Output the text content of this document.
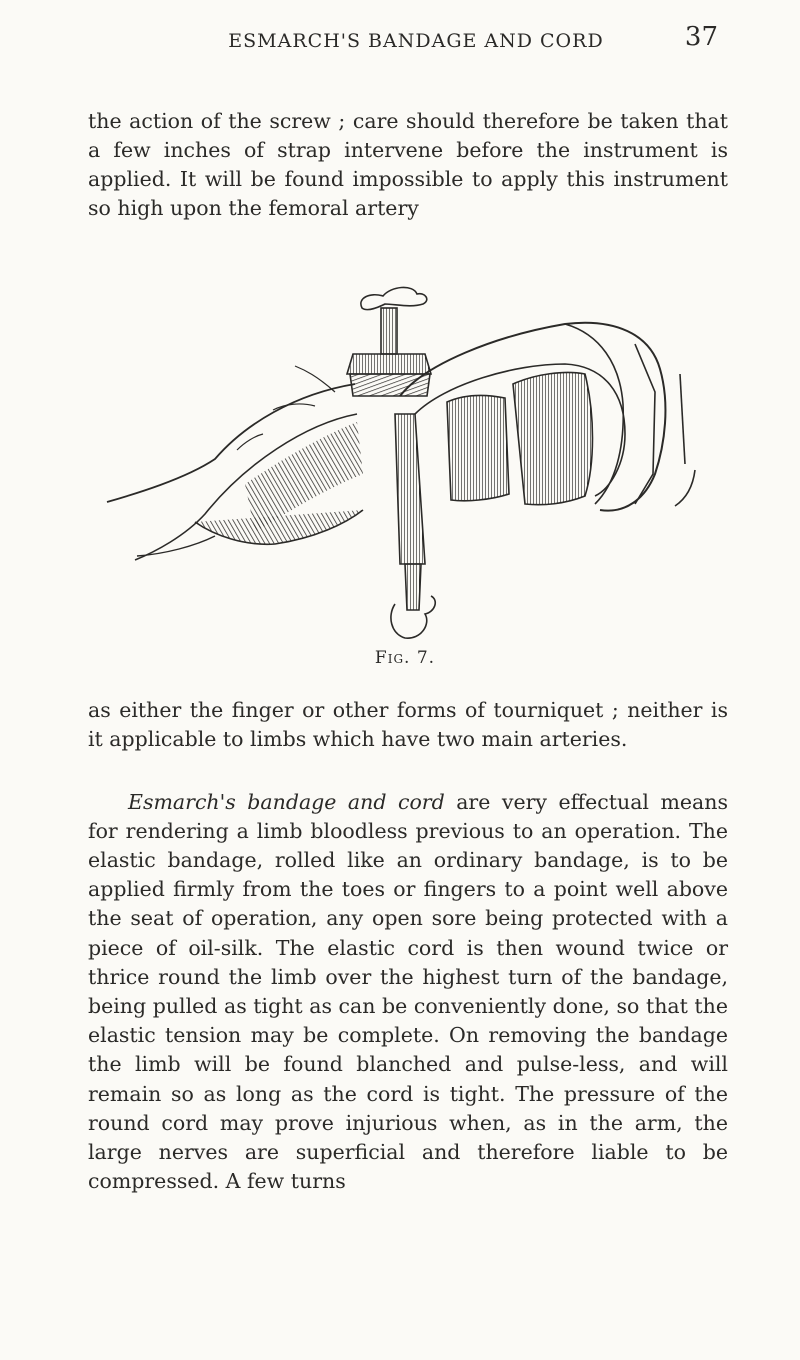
ESMARCH'S BANDAGE AND CORD	37

the action of the screw ; care should therefore be taken that a few inches of strap intervene before the instrument is applied. It will be found impossible to apply this instrument so high upon the femoral artery

Fig. 7.

as either the finger or other forms of tourniquet ; neither is it applicable to limbs which have two main arteries.

Esmarch's bandage and cord are very effectual means for rendering a limb bloodless previous to an operation. The elastic bandage, rolled like an ordinary bandage, is to be applied firmly from the toes or fingers to a point well above the seat of operation, any open sore being protected with a piece of oil-silk. The elastic cord is then wound twice or thrice round the limb over the highest turn of the bandage, being pulled as tight as can be conveniently done, so that the elastic tension may be complete. On removing the bandage the limb will be found blanched and pulse-less, and will remain so as long as the cord is tight. The pressure of the round cord may prove injurious when, as in the arm, the large nerves are superficial and therefore liable to be compressed. A few turns
